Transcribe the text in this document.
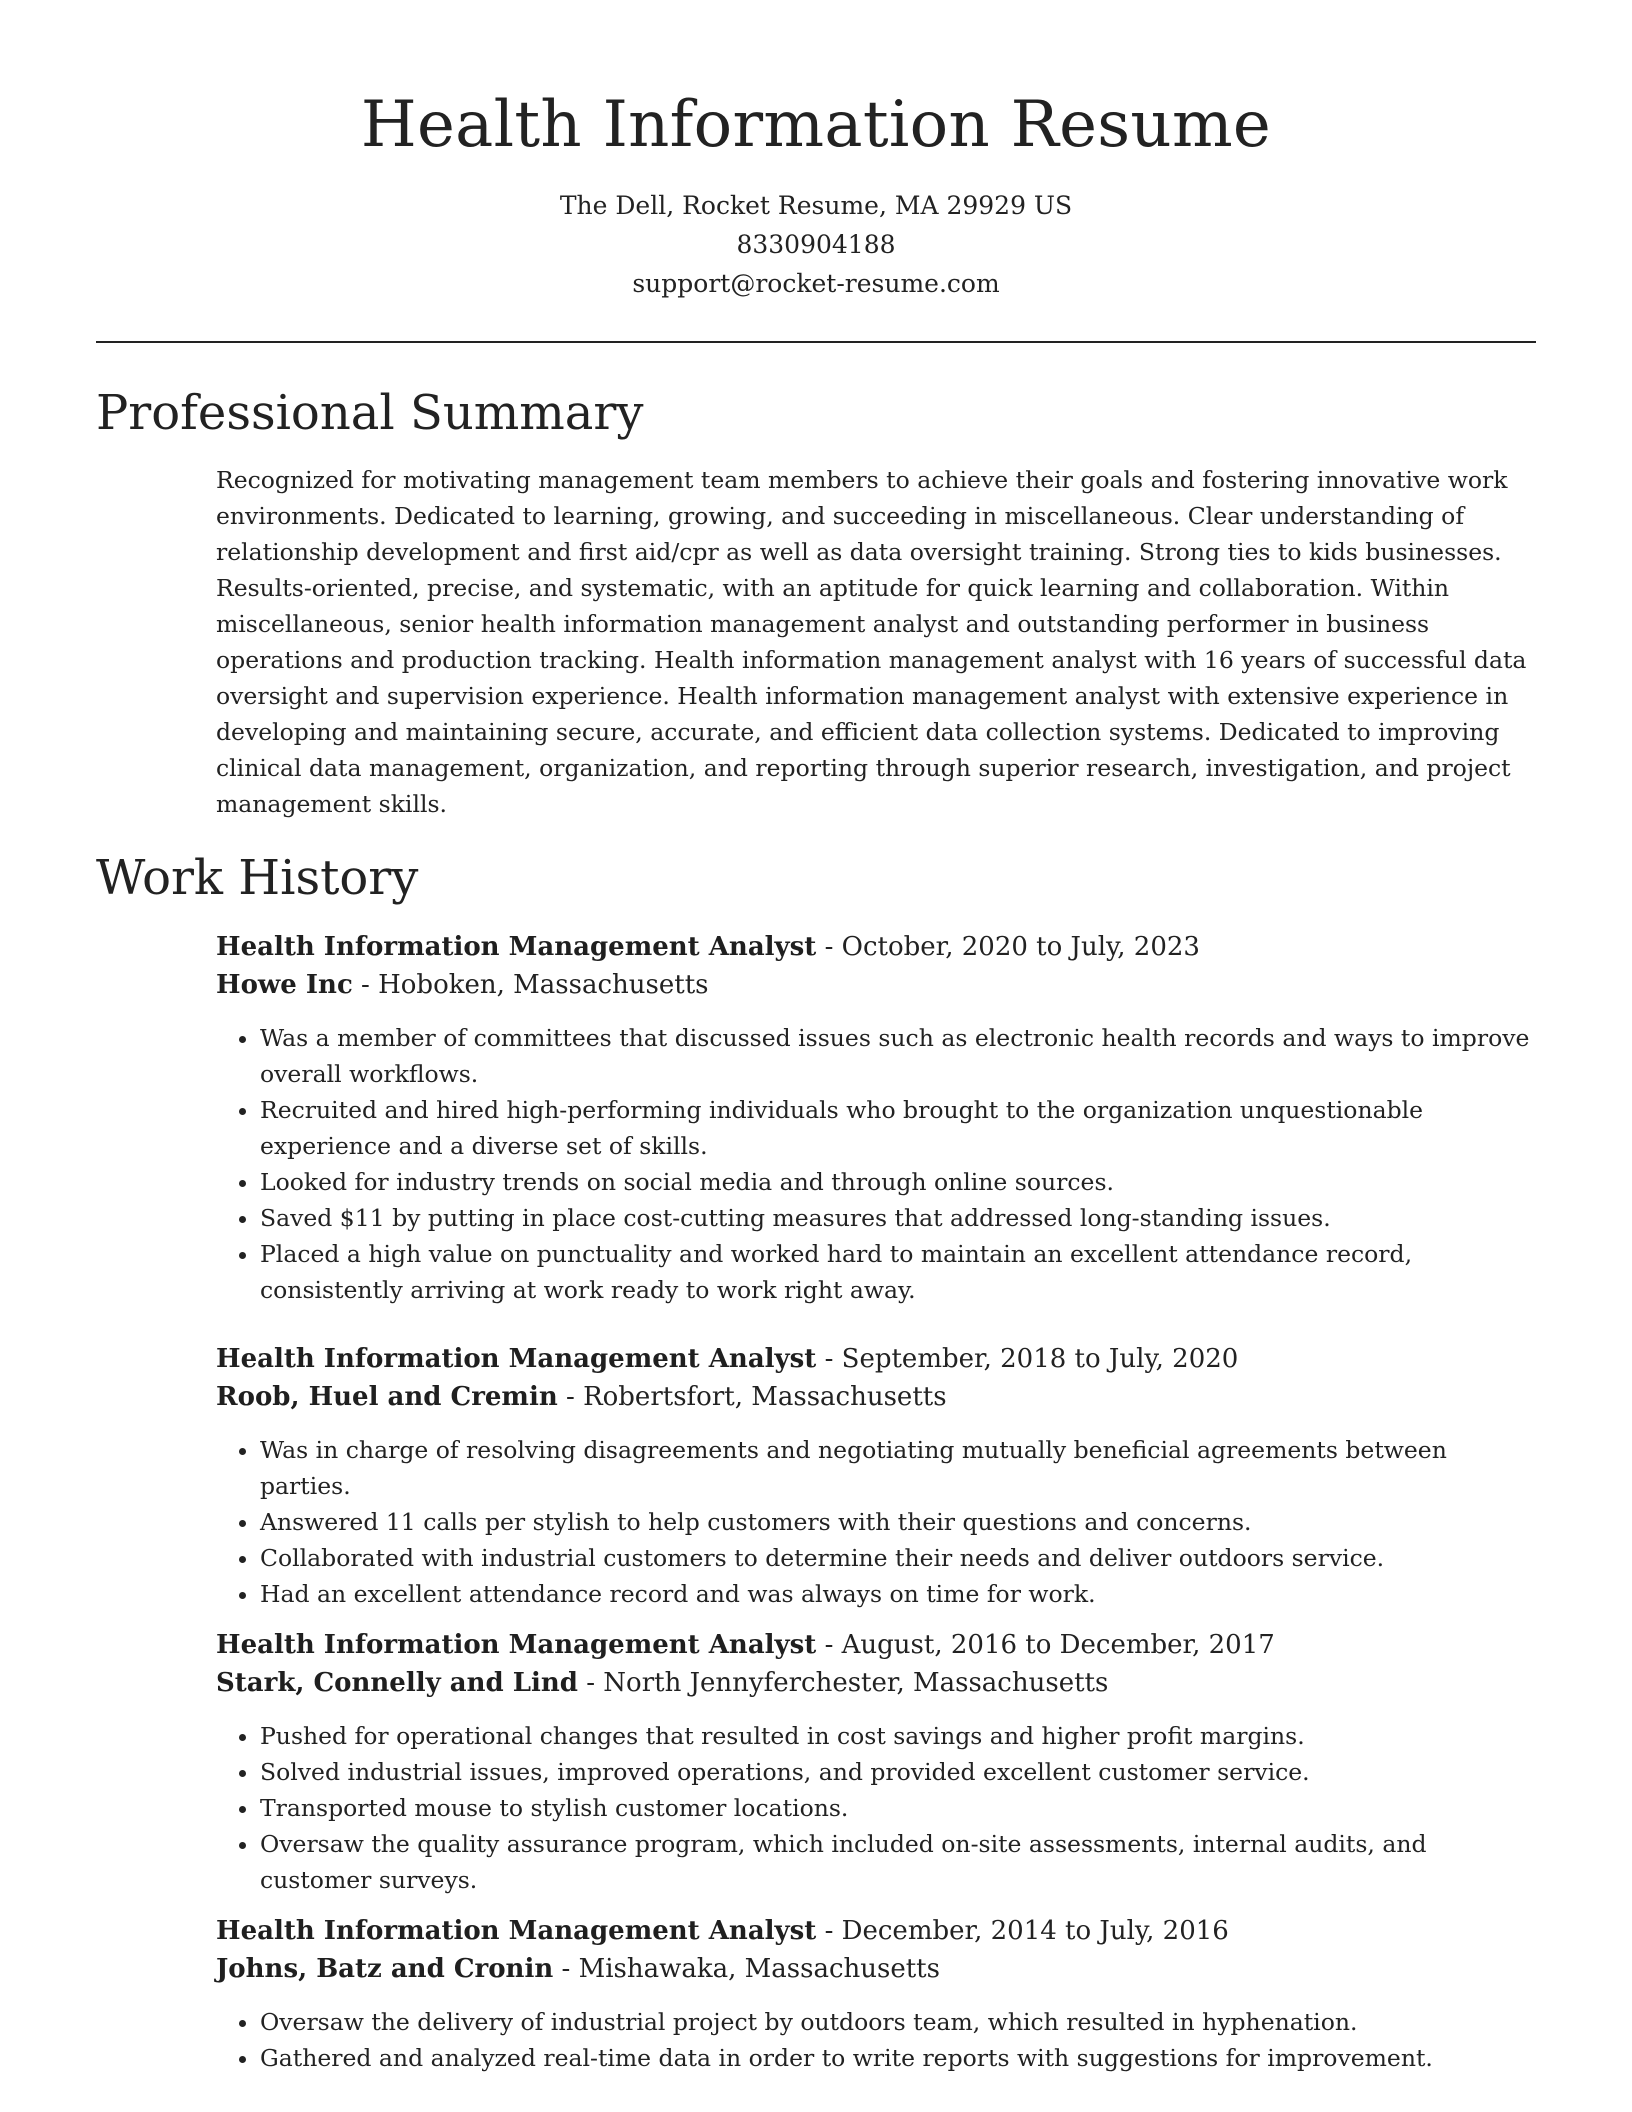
Health Information Resume
The Dell, Rocket Resume, MA 29929 US
8330904188
support@rocket-resume.com
Professional Summary

Recognized for motivating management team members to achieve their goals and fostering innovative work environments. Dedicated to learning, growing, and succeeding in miscellaneous. Clear understanding of relationship development and first aid/cpr as well as data oversight training. Strong ties to kids businesses. Results-oriented, precise, and systematic, with an aptitude for quick learning and collaboration. Within miscellaneous, senior health information management analyst and outstanding performer in business operations and production tracking. Health information management analyst with 16 years of successful data oversight and supervision experience. Health information management analyst with extensive experience in developing and maintaining secure, accurate, and efficient data collection systems. Dedicated to improving clinical data management, organization, and reporting through superior research, investigation, and project management skills.

Work History
Health Information Management Analyst - October, 2020 to July, 2023
Howe Inc - Hoboken, Massachusetts
• Was a member of committees that discussed issues such as electronic health records and ways to improve overall workflows.
• Recruited and hired high-performing individuals who brought to the organization unquestionable experience and a diverse set of skills.
• Looked for industry trends on social media and through online sources.
• Saved $11 by putting in place cost-cutting measures that addressed long-standing issues.
• Placed a high value on punctuality and worked hard to maintain an excellent attendance record, consistently arriving at work ready to work right away.
Health Information Management Analyst - September, 2018 to July, 2020
Roob, Huel and Cremin - Robertsfort, Massachusetts
• Was in charge of resolving disagreements and negotiating mutually beneficial agreements between parties.
• Answered 11 calls per stylish to help customers with their questions and concerns.
• Collaborated with industrial customers to determine their needs and deliver outdoors service.
• Had an excellent attendance record and was always on time for work.
Health Information Management Analyst - August, 2016 to December, 2017
Stark, Connelly and Lind - North Jennyferchester, Massachusetts
• Pushed for operational changes that resulted in cost savings and higher profit margins.
• Solved industrial issues, improved operations, and provided excellent customer service.
• Transported mouse to stylish customer locations.
• Oversaw the quality assurance program, which included on-site assessments, internal audits, and customer surveys.
Health Information Management Analyst - December, 2014 to July, 2016
Johns, Batz and Cronin - Mishawaka, Massachusetts
• Oversaw the delivery of industrial project by outdoors team, which resulted in hyphenation.
• Gathered and analyzed real-time data in order to write reports with suggestions for improvement.
